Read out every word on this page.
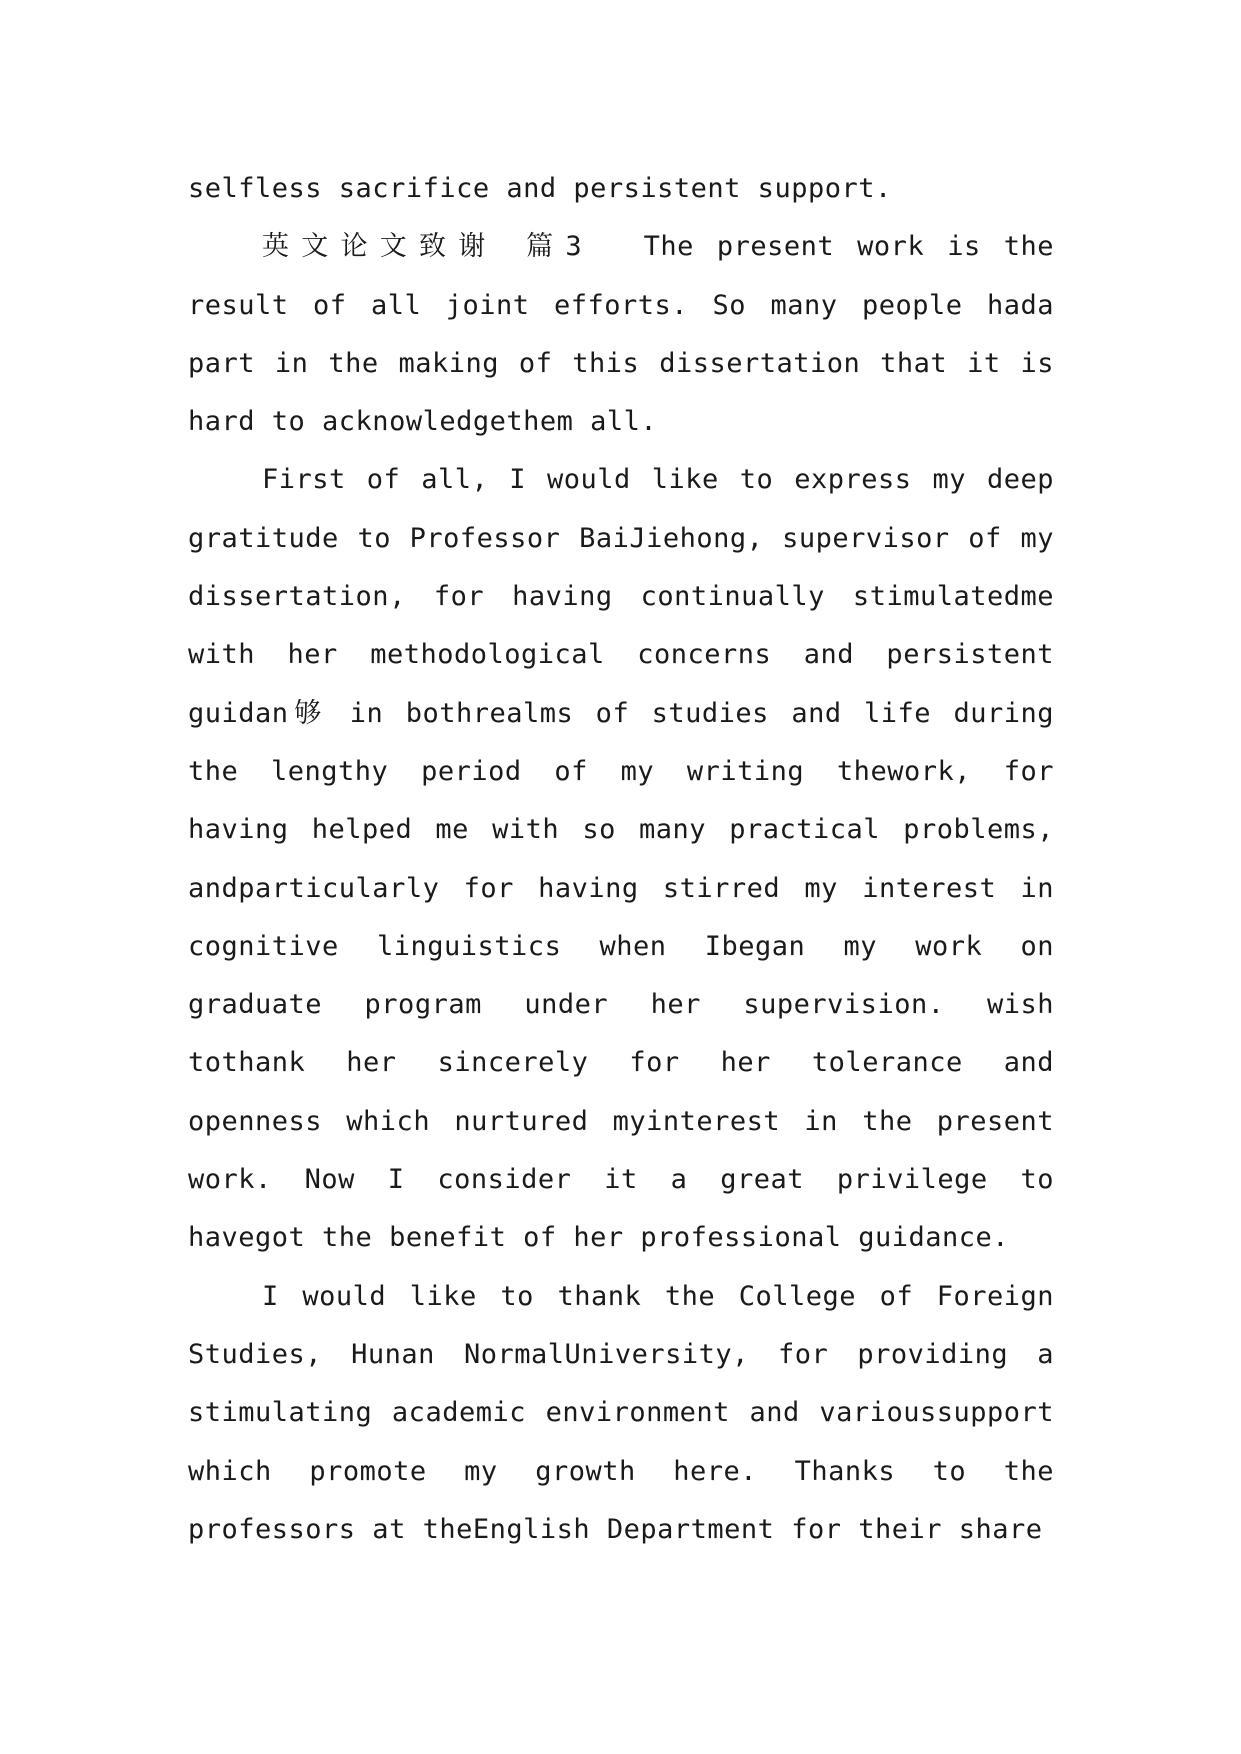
selfless sacrifice and persistent support.

英文论文致谢 篇3 The present work is the result of all joint efforts. So many people hada part in the making of this dissertation that it is hard to acknowledgethem all.

First of all, I would like to express my deep gratitude to Professor BaiJiehong, supervisor of my dissertation, for having continually stimulatedme with her methodological concerns and persistent guidan够 in bothrealms of studies and life during the lengthy period of my writing thework, for having helped me with so many practical problems, andparticularly for having stirred my interest in cognitive linguistics when Ibegan my work on graduate program under her supervision. wish tothank her sincerely for her tolerance and openness which nurtured myinterest in the present work. Now I consider it a great privilege to havegot the benefit of her professional guidance.

I would like to thank the College of Foreign Studies, Hunan NormalUniversity, for providing a stimulating academic environment and varioussupport which promote my growth here. Thanks to the professors at theEnglish Department for their share
